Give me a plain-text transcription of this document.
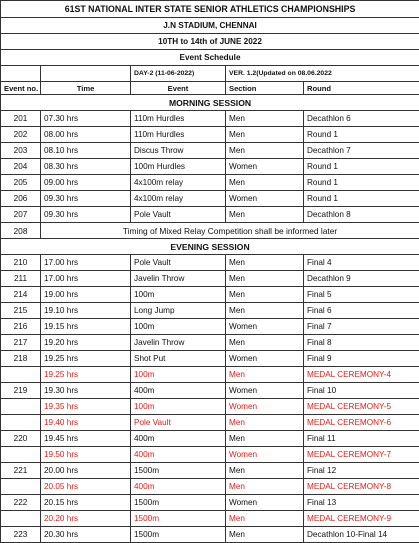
61ST NATIONAL INTER STATE SENIOR ATHLETICS CHAMPIONSHIPS				
J.N STADIUM, CHENNAI				
10TH to 14th of JUNE 2022				
Event Schedule				
		DAY-2 (11-06-2022)	VER. 1.2(Updated on 08.06.2022	
Event no.	Time	Event	Section	Round
MORNING SESSION				
201	07.30 hrs	110m Hurdles	Men	Decathlon 6
202	08.00 hrs	110m Hurdles	Men	Round 1
203	08.10 hrs	Discus Throw	Men	Decathlon 7
204	08.30 hrs	100m Hurdles	Women	Round 1
205	09.00 hrs	4x100m relay	Men	Round 1
206	09.30 hrs	4x100m relay	Women	Round 1
207	09.30 hrs	Pole Vault	Men	Decathlon 8
208	Timing of Mixed Relay Competition shall be informed later			
EVENING SESSION				
210	17.00 hrs	Pole Vault	Men	Final 4
211	17.00 hrs	Javelin Throw	Men	Decathlon 9
214	19.00 hrs	100m	Men	Final 5
215	19.10 hrs	Long Jump	Men	Final 6
216	19.15 hrs	100m	Women	Final 7
217	19.20 hrs	Javelin Throw	Men	Final 8
218	19.25 hrs	Shot Put	Women	Final 9
	19.25 hrs	100m	Men	MEDAL CEREMONY-4
219	19.30 hrs	400m	Women	Final 10
	19.35 hrs	100m	Women	MEDAL CEREMONY-5
	19.40 hrs	Pole Vault	Men	MEDAL CEREMONY-6
220	19.45 hrs	400m	Men	Final 11
	19.50 hrs	400m	Women	MEDAL CEREMONY-7
221	20.00 hrs	1500m	Men	Final 12
	20.05 hrs	400m	Men	MEDAL CEREMONY-8
222	20.15 hrs	1500m	Women	Final 13
	20.20 hrs	1500m	Men	MEDAL CEREMONY-9
223	20.30 hrs	1500m	Men	Decathlon 10-Final 14
